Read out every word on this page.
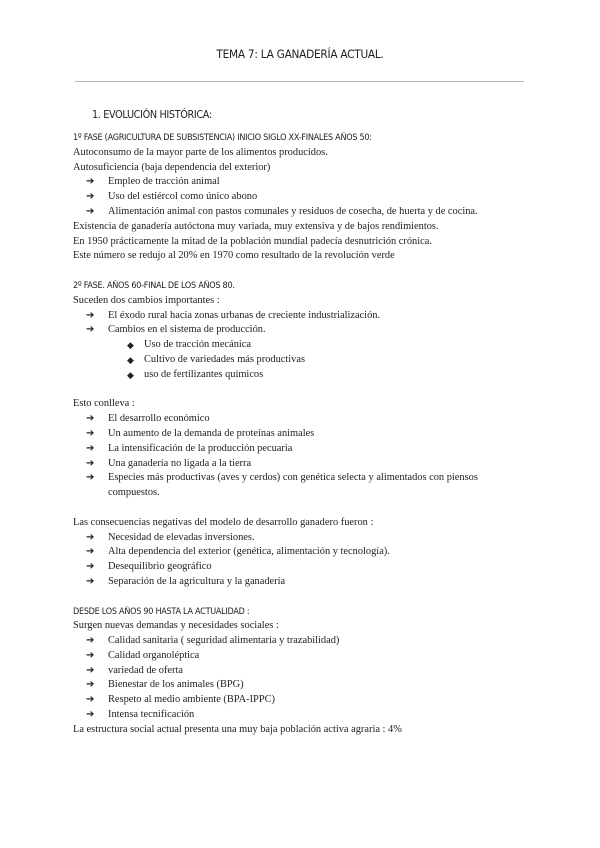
TEMA 7: LA GANADERÍA ACTUAL.
1. EVOLUCIÓN HISTÓRICA:
1º FASE (AGRICULTURA DE SUBSISTENCIA) INICIO SIGLO XX-FINALES AÑOS 50:
Autoconsumo de la mayor parte de los alimentos producidos.
Autosuficiencia (baja dependencia del exterior)
➔ Empleo de tracción animal
➔ Uso del estiércol como único abono
➔ Alimentación animal con pastos comunales y residuos de cosecha, de huerta y de cocina.
Existencia de ganadería autóctona muy variada, muy extensiva y de bajos rendimientos.
En 1950 prácticamente la mitad de la población mundial padecía desnutrición crónica.
Este número se redujo al 20% en 1970 como resultado de la revolución verde
2º FASE. AÑOS 60-FINAL DE LOS AÑOS 80.
Suceden dos cambios importantes :
➔ El éxodo rural hacia zonas urbanas de creciente industrialización.
➔ Cambios en el sistema de producción.
◆ Uso de tracción mecánica
◆ Cultivo de variedades más productivas
◆ uso de fertilizantes químicos
Esto conlleva :
➔ El desarrollo económico
➔ Un aumento de la demanda de proteínas animales
➔ La intensificación de la producción pecuaria
➔ Una ganadería no ligada a la tierra
➔ Especies más productivas (aves y cerdos) con genética selecta y alimentados con piensos
compuestos.
Las consecuencias negativas del modelo de desarrollo ganadero fueron :
➔ Necesidad de elevadas inversiones.
➔ Alta dependencia del exterior (genética, alimentación y tecnología).
➔ Desequilibrio geográfico
➔ Separación de la agricultura y la ganadería
DESDE LOS AÑOS 90 HASTA LA ACTUALIDAD :
Surgen nuevas demandas y necesidades sociales :
➔ Calidad sanitaria ( seguridad alimentaria y trazabilidad)
➔ Calidad organoléptica
➔ variedad de oferta
➔ Bienestar de los animales (BPG)
➔ Respeto al medio ambiente (BPA-IPPC)
➔ Intensa tecnificación
La estructura social actual presenta una muy baja población activa agraria : 4%
